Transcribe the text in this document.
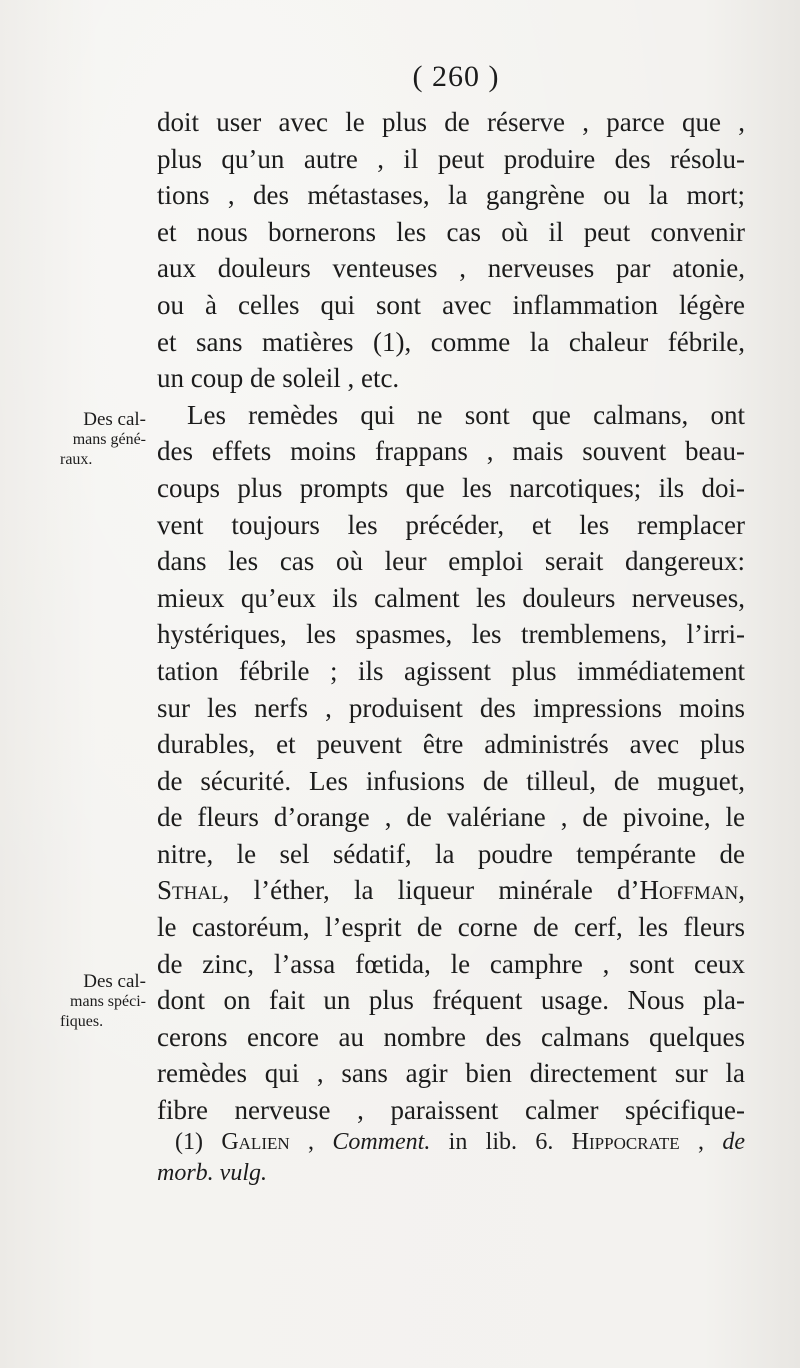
( 260 )
doit user avec le plus de réserve , parce que ,
plus qu’un autre , il peut produire des résolu-
tions , des métastases, la gangrène ou la mort;
et nous bornerons les cas où il peut convenir
aux douleurs venteuses , nerveuses par atonie,
ou à celles qui sont avec inflammation légère
et sans matières (1), comme la chaleur fébrile,
un coup de soleil , etc.
Les remèdes qui ne sont que calmans, ont
des effets moins frappans , mais souvent beau-
coups plus prompts que les narcotiques; ils doi-
vent toujours les précéder, et les remplacer
dans les cas où leur emploi serait dangereux:
mieux qu’eux ils calment les douleurs nerveuses,
hystériques, les spasmes, les tremblemens, l’irri-
tation fébrile ; ils agissent plus immédiatement
sur les nerfs , produisent des impressions moins
durables, et peuvent être administrés avec plus
de sécurité. Les infusions de tilleul, de muguet,
de fleurs d’orange , de valériane , de pivoine, le
nitre, le sel sédatif, la poudre tempérante de
Sthal, l’éther, la liqueur minérale d’Hoffman,
le castoréum, l’esprit de corne de cerf, les fleurs
de zinc, l’assa fœtida, le camphre , sont ceux
dont on fait un plus fréquent usage. Nous pla-
cerons encore au nombre des calmans quelques
remèdes qui , sans agir bien directement sur la
fibre nerveuse , paraissent calmer spécifique-
Des cal-
mans géné-
raux.
Des cal-
mans spéci-
fiques.
(1) Galien , Comment. in lib. 6. Hippocrate , de
morb. vulg.
